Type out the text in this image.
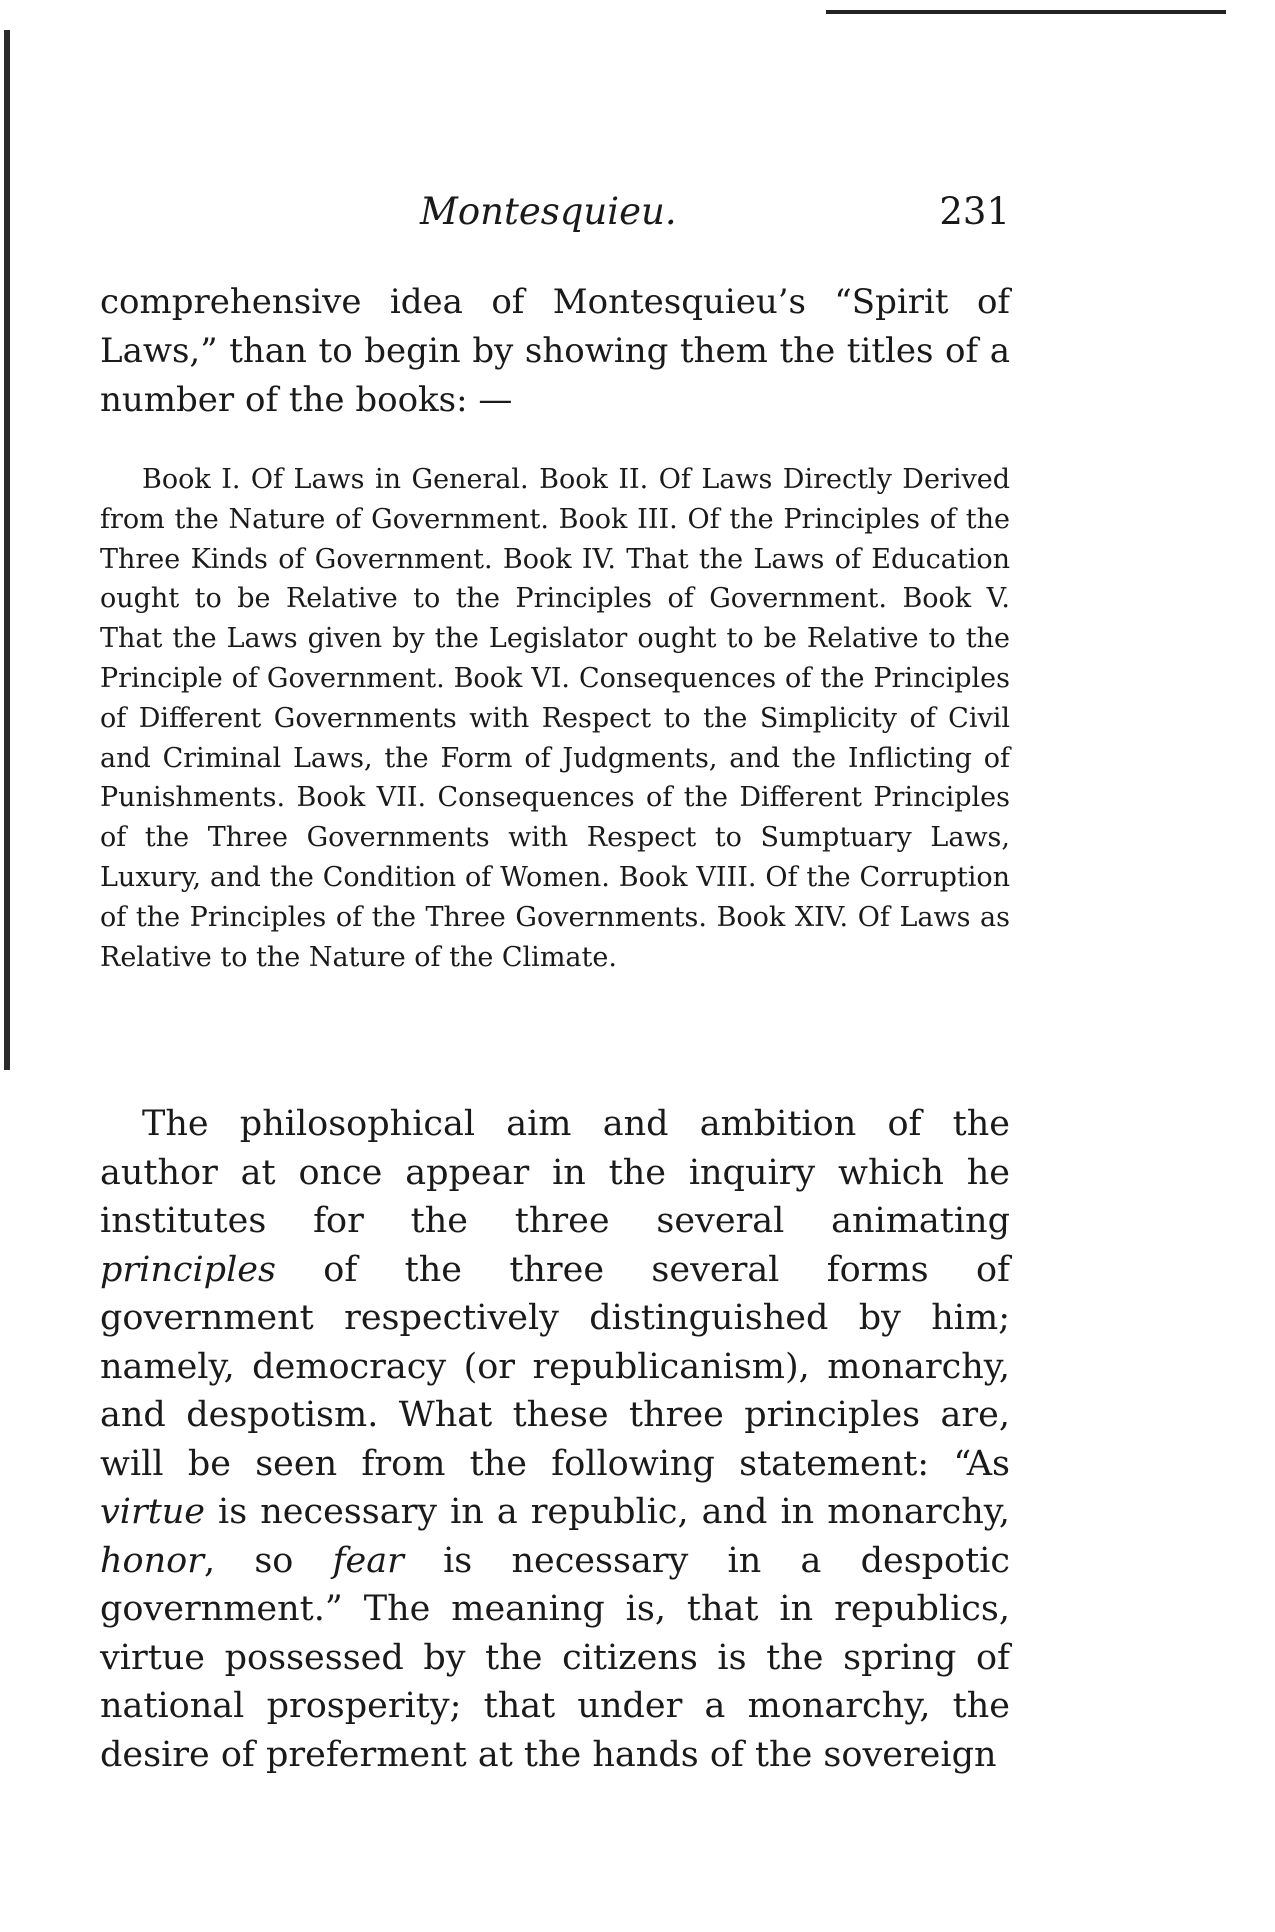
Montesquieu.	231

comprehensive idea of Montesquieu’s “Spirit of Laws,” than to begin by showing them the titles of a number of the books: —

Book I. Of Laws in General. Book II. Of Laws Directly Derived from the Nature of Government. Book III. Of the Principles of the Three Kinds of Government. Book IV. That the Laws of Education ought to be Relative to the Principles of Government. Book V. That the Laws given by the Legislator ought to be Relative to the Principle of Government. Book VI. Consequences of the Principles of Different Governments with Respect to the Simplicity of Civil and Criminal Laws, the Form of Judgments, and the Inflicting of Punishments. Book VII. Consequences of the Different Principles of the Three Governments with Respect to Sumptuary Laws, Luxury, and the Condition of Women. Book VIII. Of the Corruption of the Principles of the Three Governments. Book XIV. Of Laws as Relative to the Nature of the Climate.

The philosophical aim and ambition of the author at once appear in the inquiry which he institutes for the three several animating principles of the three several forms of government respectively distinguished by him; namely, democracy (or republicanism), monarchy, and despotism. What these three principles are, will be seen from the following statement: “As virtue is necessary in a republic, and in monarchy, honor, so fear is necessary in a despotic government.” The meaning is, that in republics, virtue possessed by the citizens is the spring of national prosperity; that under a monarchy, the desire of preferment at the hands of the sovereign
